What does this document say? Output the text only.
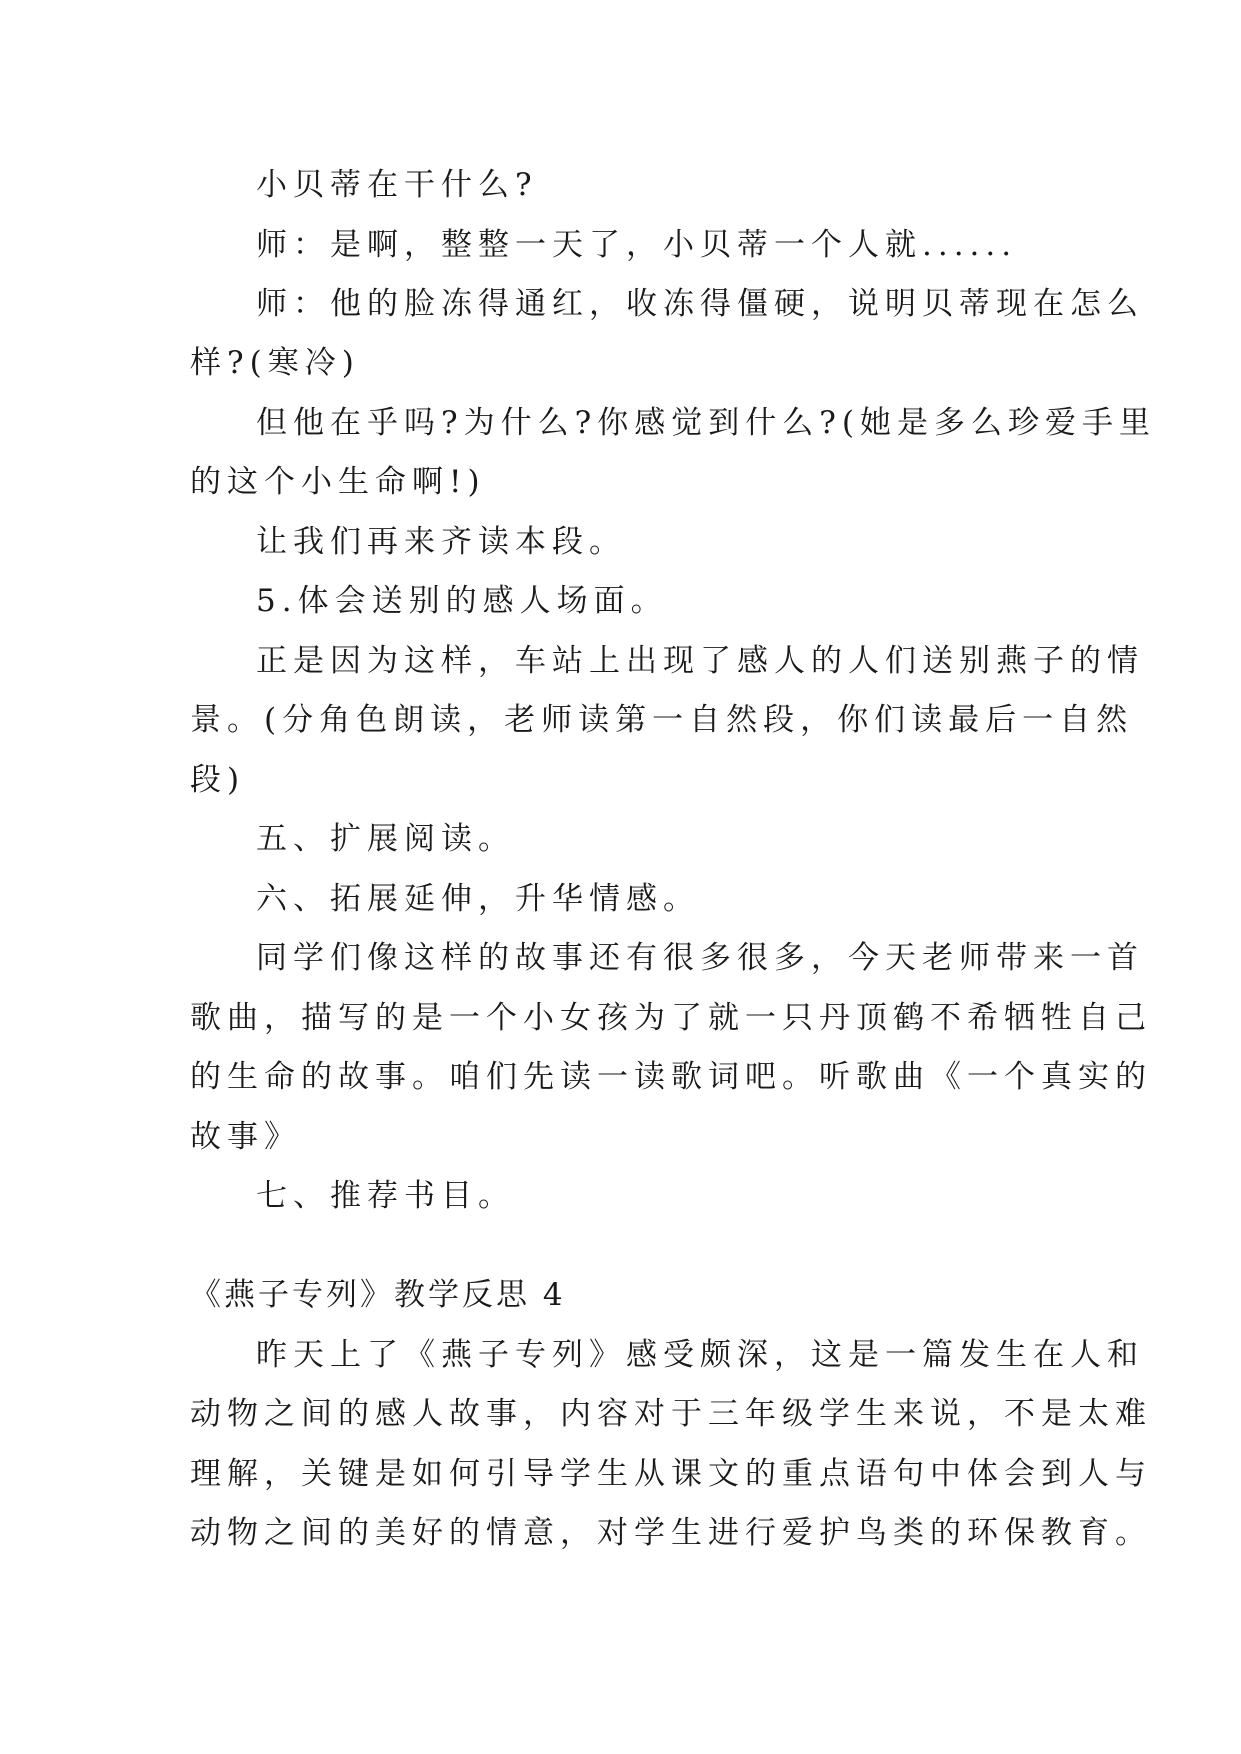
小贝蒂在干什么?
师：是啊，整整一天了，小贝蒂一个人就......
师：他的脸冻得通红，收冻得僵硬，说明贝蒂现在怎么
样?(寒冷)
但他在乎吗?为什么?你感觉到什么?(她是多么珍爱手里
的这个小生命啊!)
让我们再来齐读本段。
5.体会送别的感人场面。
正是因为这样，车站上出现了感人的人们送别燕子的情
景。(分角色朗读，老师读第一自然段，你们读最后一自然
段)
五、扩展阅读。
六、拓展延伸，升华情感。
同学们像这样的故事还有很多很多，今天老师带来一首
歌曲，描写的是一个小女孩为了就一只丹顶鹤不希牺牲自己
的生命的故事。咱们先读一读歌词吧。听歌曲《一个真实的
故事》
七、推荐书目。
《燕子专列》教学反思 4
昨天上了《燕子专列》感受颇深，这是一篇发生在人和
动物之间的感人故事，内容对于三年级学生来说，不是太难
理解，关键是如何引导学生从课文的重点语句中体会到人与
动物之间的美好的情意，对学生进行爱护鸟类的环保教育。
